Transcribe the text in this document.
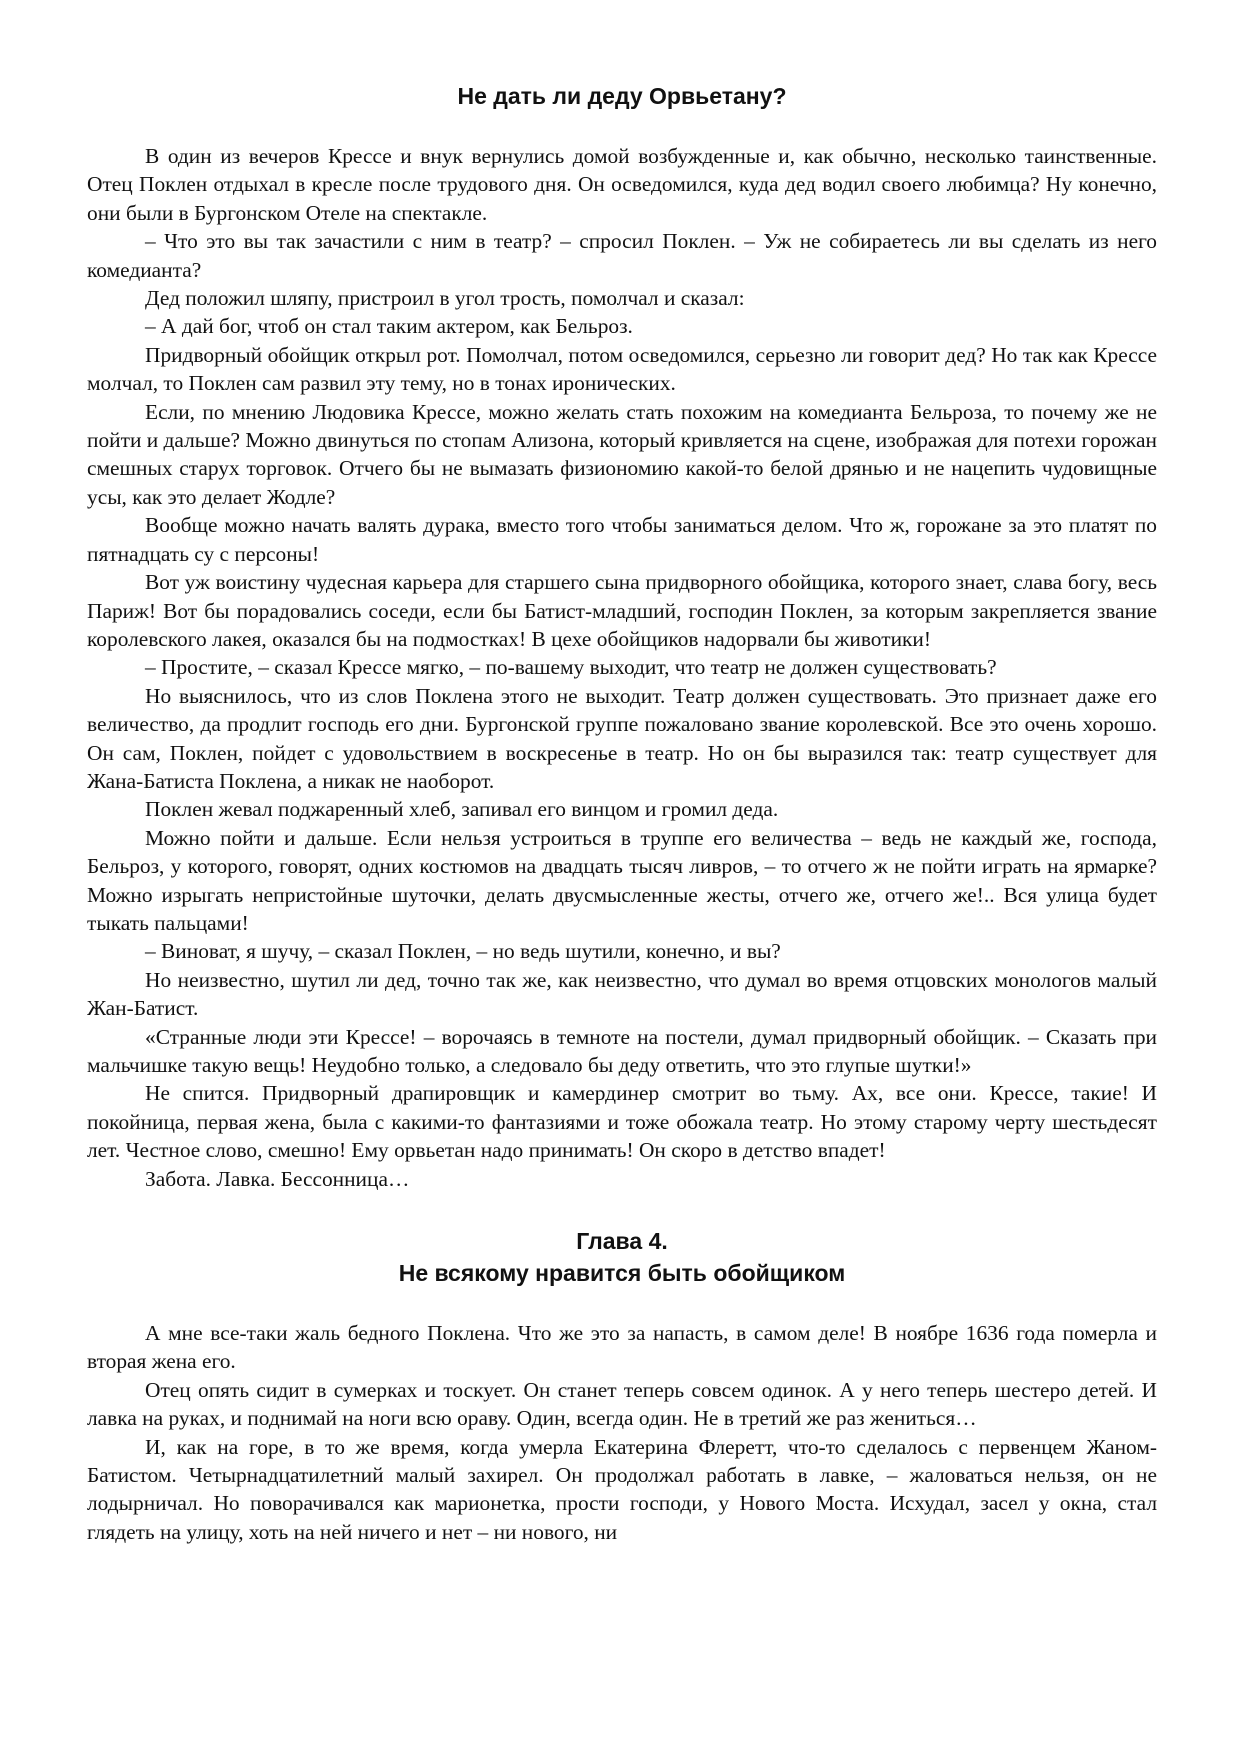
Не дать ли деду Орвьетану?

В один из вечеров Крессе и внук вернулись домой возбужденные и, как обычно, несколько таинственные. Отец Поклен отдыхал в кресле после трудового дня. Он осведомился, куда дед водил своего любимца? Ну конечно, они были в Бургонском Отеле на спектакле.

– Что это вы так зачастили с ним в театр? – спросил Поклен. – Уж не собираетесь ли вы сделать из него комедианта?

Дед положил шляпу, пристроил в угол трость, помолчал и сказал:

– А дай бог, чтоб он стал таким актером, как Бельроз.

Придворный обойщик открыл рот. Помолчал, потом осведомился, серьезно ли говорит дед? Но так как Крессе молчал, то Поклен сам развил эту тему, но в тонах иронических.

Если, по мнению Людовика Крессе, можно желать стать похожим на комедианта Бельроза, то почему же не пойти и дальше? Можно двинуться по стопам Ализона, который кривляется на сцене, изображая для потехи горожан смешных старух торговок. Отчего бы не вымазать физиономию какой-то белой дрянью и не нацепить чудовищные усы, как это делает Жодле?

Вообще можно начать валять дурака, вместо того чтобы заниматься делом. Что ж, горожане за это платят по пятнадцать су с персоны!

Вот уж воистину чудесная карьера для старшего сына придворного обойщика, которого знает, слава богу, весь Париж! Вот бы порадовались соседи, если бы Батист-младший, господин Поклен, за которым закрепляется звание королевского лакея, оказался бы на подмостках! В цехе обойщиков надорвали бы животики!

– Простите, – сказал Крессе мягко, – по-вашему выходит, что театр не должен существовать?

Но выяснилось, что из слов Поклена этого не выходит. Театр должен существовать. Это признает даже его величество, да продлит господь его дни. Бургонской группе пожаловано звание королевской. Все это очень хорошо. Он сам, Поклен, пойдет с удовольствием в воскресенье в театр. Но он бы выразился так: театр существует для Жана-Батиста Поклена, а никак не наоборот.

Поклен жевал поджаренный хлеб, запивал его винцом и громил деда.

Можно пойти и дальше. Если нельзя устроиться в труппе его величества – ведь не каждый же, господа, Бельроз, у которого, говорят, одних костюмов на двадцать тысяч ливров, – то отчего ж не пойти играть на ярмарке? Можно изрыгать непристойные шуточки, делать двусмысленные жесты, отчего же, отчего же!.. Вся улица будет тыкать пальцами!

– Виноват, я шучу, – сказал Поклен, – но ведь шутили, конечно, и вы?

Но неизвестно, шутил ли дед, точно так же, как неизвестно, что думал во время отцовских монологов малый Жан-Батист.

«Странные люди эти Крессе! – ворочаясь в темноте на постели, думал придворный обойщик. – Сказать при мальчишке такую вещь! Неудобно только, а следовало бы деду ответить, что это глупые шутки!»

Не спится. Придворный драпировщик и камердинер смотрит во тьму. Ах, все они. Крессе, такие! И покойница, первая жена, была с какими-то фантазиями и тоже обожала театр. Но этому старому черту шестьдесят лет. Честное слово, смешно! Ему орвьетан надо принимать! Он скоро в детство впадет!

Забота. Лавка. Бессонница…

Глава 4.
Не всякому нравится быть обойщиком

А мне все-таки жаль бедного Поклена. Что же это за напасть, в самом деле! В ноябре 1636 года померла и вторая жена его.

Отец опять сидит в сумерках и тоскует. Он станет теперь совсем одинок. А у него теперь шестеро детей. И лавка на руках, и поднимай на ноги всю ораву. Один, всегда один. Не в третий же раз жениться…

И, как на горе, в то же время, когда умерла Екатерина Флеретт, что-то сделалось с первенцем Жаном-Батистом. Четырнадцатилетний малый захирел. Он продолжал работать в лавке, – жаловаться нельзя, он не лодырничал. Но поворачивался как марионетка, прости господи, у Нового Моста. Исхудал, засел у окна, стал глядеть на улицу, хоть на ней ничего и нет – ни нового, ни
